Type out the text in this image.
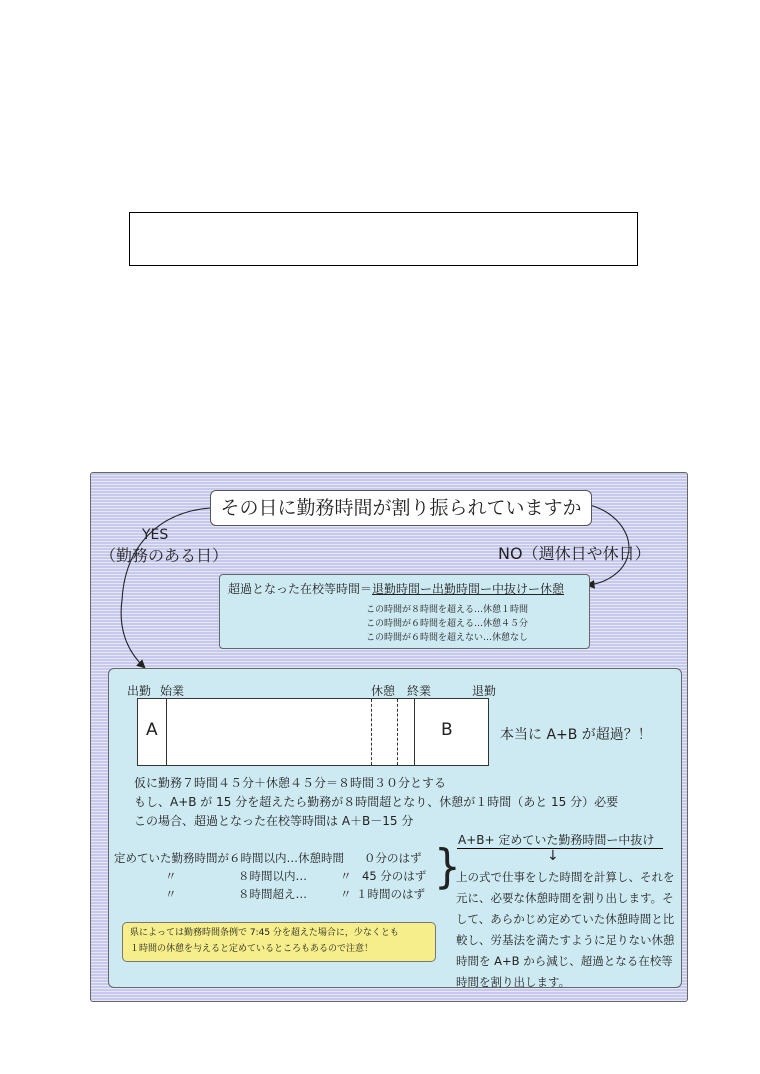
その日に勤務時間が割り振られていますか
YES
（勤務のある日）	NO（週休日や休日）
超過となった在校等時間＝退勤時間ー出勤時間ー中抜けー休憩
この時間が８時間を超える…休憩１時間
この時間が６時間を超える…休憩４５分
この時間が６時間を超えない…休憩なし
出勤 始業	休憩 終業	退勤
A	B	本当に A+B が超過？！
仮に勤務７時間４５分＋休憩４５分＝８時間３０分とする
もし、A+B が 15 分を超えたら勤務が８時間超となり、休憩が１時間（あと 15 分）必要
この場合、超過となった在校等時間は A＋B－15 分
定めていた勤務時間が６時間以内…休憩時間 ０分のはず
〃	８時間以内…	〃 45 分のはず
〃	８時間超え…	〃 １時間のはず
}
A+B+ 定めていた勤務時間ー中抜け
↓
上の式で仕事をした時間を計算し、それを元に、必要な休憩時間を割り出します。そして、あらかじめ定めていた休憩時間と比較し、労基法を満たすように足りない休憩時間を A+B から減じ、超過となる在校等時間を割り出します。
県によっては勤務時間条例で 7:45 分を超えた場合に，少なくとも
１時間の休憩を与えると定めているところもあるので注意！
